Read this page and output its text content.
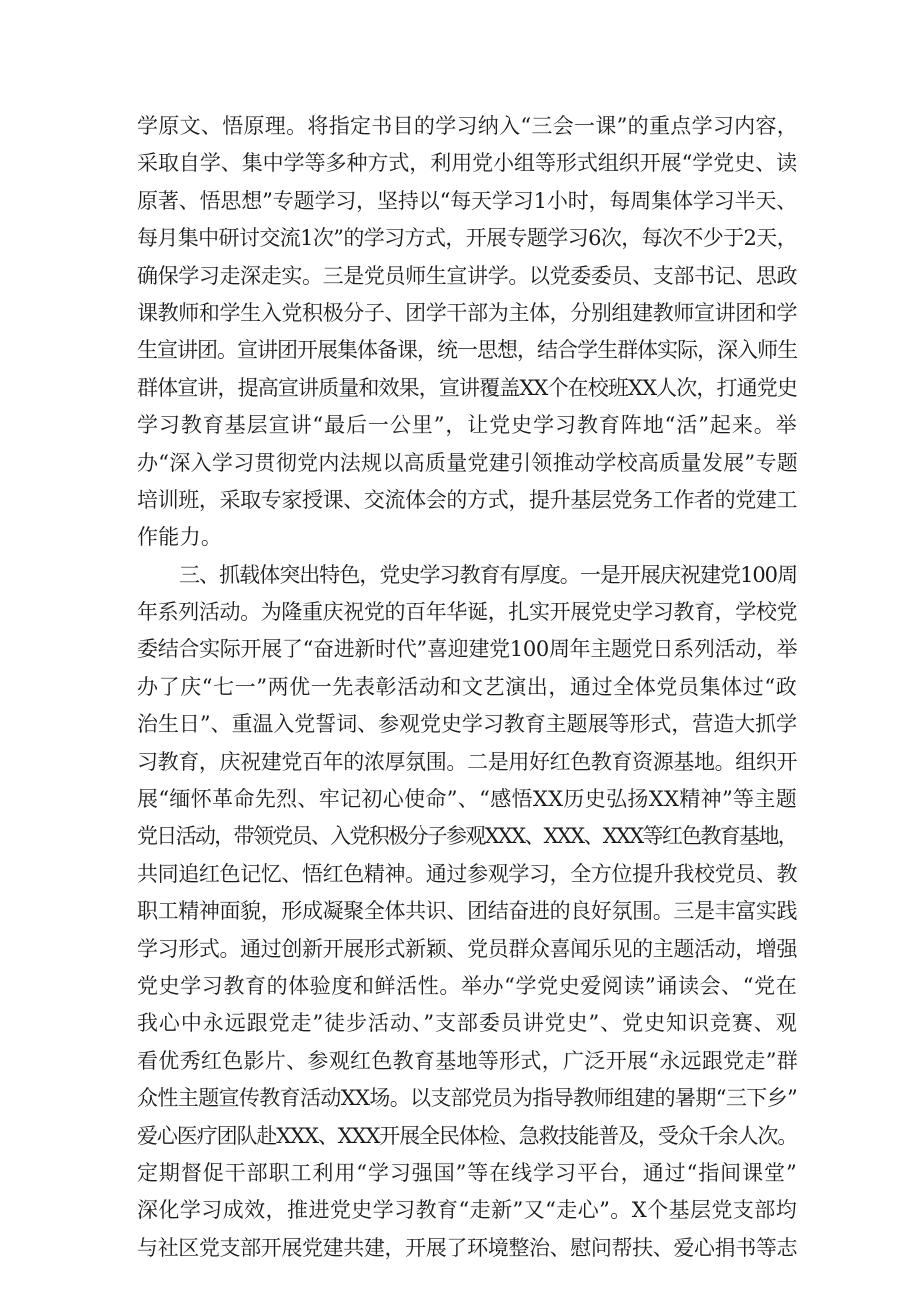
学原文、悟原理。将指定书目的学习纳入“三会一课”的重点学习内容，
采取自学、集中学等多种方式，利用党小组等形式组织开展“学党史、读
原著、悟思想”专题学习，坚持以“每天学习1小时，每周集体学习半天、
每月集中研讨交流1次”的学习方式，开展专题学习6次，每次不少于2天，
确保学习走深走实。三是党员师生宣讲学。以党委委员、支部书记、思政
课教师和学生入党积极分子、团学干部为主体，分别组建教师宣讲团和学
生宣讲团。宣讲团开展集体备课，统一思想，结合学生群体实际，深入师生
群体宣讲，提高宣讲质量和效果，宣讲覆盖XX个在校班XX人次，打通党史
学习教育基层宣讲“最后一公里”，让党史学习教育阵地“活”起来。举
办“深入学习贯彻党内法规以高质量党建引领推动学校高质量发展”专题
培训班，采取专家授课、交流体会的方式，提升基层党务工作者的党建工
作能力。
三、抓载体突出特色，党史学习教育有厚度。一是开展庆祝建党100周
年系列活动。为隆重庆祝党的百年华诞，扎实开展党史学习教育，学校党
委结合实际开展了“奋进新时代”喜迎建党100周年主题党日系列活动，举
办了庆“七一”两优一先表彰活动和文艺演出，通过全体党员集体过“政
治生日”、重温入党誓词、参观党史学习教育主题展等形式，营造大抓学
习教育，庆祝建党百年的浓厚氛围。二是用好红色教育资源基地。组织开
展“缅怀革命先烈、牢记初心使命”、“感悟XX历史弘扬XX精神”等主题
党日活动，带领党员、入党积极分子参观XXX、XXX、XXX等红色教育基地，
共同追红色记忆、悟红色精神。通过参观学习，全方位提升我校党员、教
职工精神面貌，形成凝聚全体共识、团结奋进的良好氛围。三是丰富实践
学习形式。通过创新开展形式新颖、党员群众喜闻乐见的主题活动，增强
党史学习教育的体验度和鲜活性。举办“学党史爱阅读”诵读会、“党在
我心中永远跟党走”徒步活动、”支部委员讲党史”、党史知识竞赛、观
看优秀红色影片、参观红色教育基地等形式，广泛开展“永远跟党走”群
众性主题宣传教育活动XX场。以支部党员为指导教师组建的暑期“三下乡”
爱心医疗团队赴XXX、XXX开展全民体检、急救技能普及，受众千余人次。
定期督促干部职工利用“学习强国”等在线学习平台，通过“指间课堂”
深化学习成效，推进党史学习教育“走新”又“走心”。X个基层党支部均
与社区党支部开展党建共建，开展了环境整治、慰问帮扶、爱心捐书等志
